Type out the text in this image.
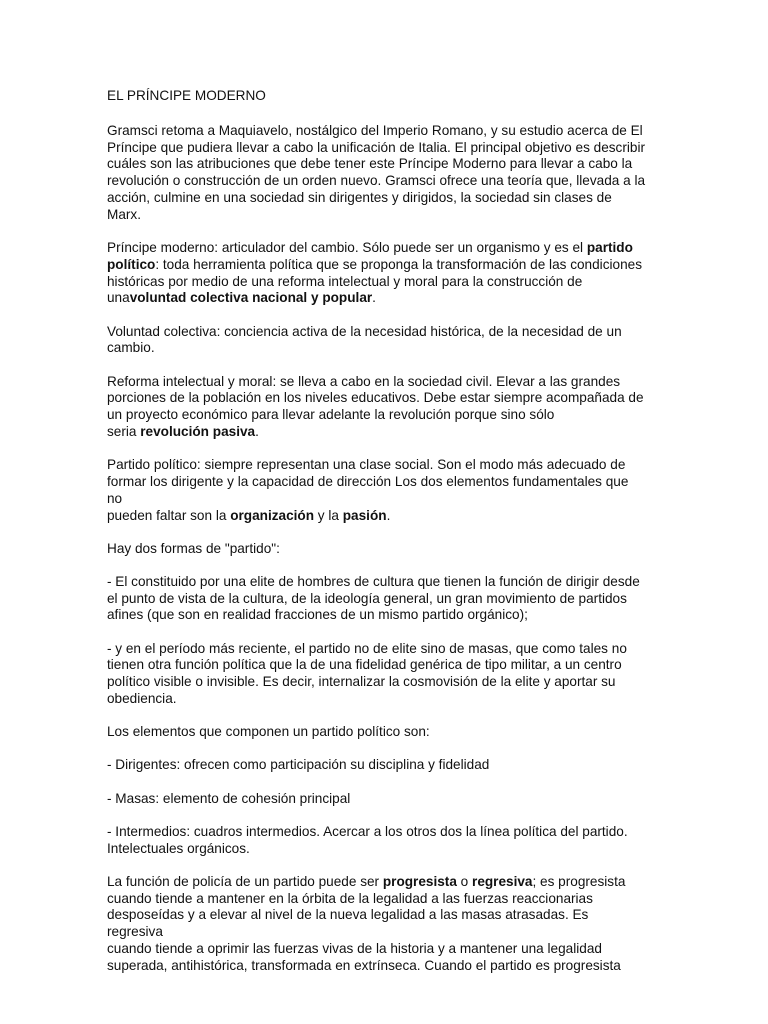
EL PRÍNCIPE MODERNO

Gramsci retoma a Maquiavelo, nostálgico del Imperio Romano, y su estudio acerca de El
Príncipe que pudiera llevar a cabo la unificación de Italia. El principal objetivo es describir
cuáles son las atribuciones que debe tener este Príncipe Moderno para llevar a cabo la
revolución o construcción de un orden nuevo. Gramsci ofrece una teoría que, llevada a la
acción, culmine en una sociedad sin dirigentes y dirigidos, la sociedad sin clases de Marx.

Príncipe moderno: articulador del cambio. Sólo puede ser un organismo y es el partido
político: toda herramienta política que se proponga la transformación de las condiciones
históricas por medio de una reforma intelectual y moral para la construcción de
unavoluntad colectiva nacional y popular.

Voluntad colectiva: conciencia activa de la necesidad histórica, de la necesidad de un
cambio.

Reforma intelectual y moral: se lleva a cabo en la sociedad civil. Elevar a las grandes
porciones de la población en los niveles educativos. Debe estar siempre acompañada de
un proyecto económico para llevar adelante la revolución porque sino sólo
seria revolución pasiva.

Partido político: siempre representan una clase social. Son el modo más adecuado de
formar los dirigente y la capacidad de dirección Los dos elementos fundamentales que no
pueden faltar son la organización y la pasión.

Hay dos formas de "partido":

- El constituido por una elite de hombres de cultura que tienen la función de dirigir desde
el punto de vista de la cultura, de la ideología general, un gran movimiento de partidos
afines (que son en realidad fracciones de un mismo partido orgánico);

- y en el período más reciente, el partido no de elite sino de masas, que como tales no
tienen otra función política que la de una fidelidad genérica de tipo militar, a un centro
político visible o invisible. Es decir, internalizar la cosmovisión de la elite y aportar su
obediencia.

Los elementos que componen un partido político son:

- Dirigentes: ofrecen como participación su disciplina y fidelidad

- Masas: elemento de cohesión principal

- Intermedios: cuadros intermedios. Acercar a los otros dos la línea política del partido.
Intelectuales orgánicos.

La función de policía de un partido puede ser progresista o regresiva; es progresista
cuando tiende a mantener en la órbita de la legalidad a las fuerzas reaccionarias
desposeídas y a elevar al nivel de la nueva legalidad a las masas atrasadas. Es regresiva
cuando tiende a oprimir las fuerzas vivas de la historia y a mantener una legalidad
superada, antihistórica, transformada en extrínseca. Cuando el partido es progresista
